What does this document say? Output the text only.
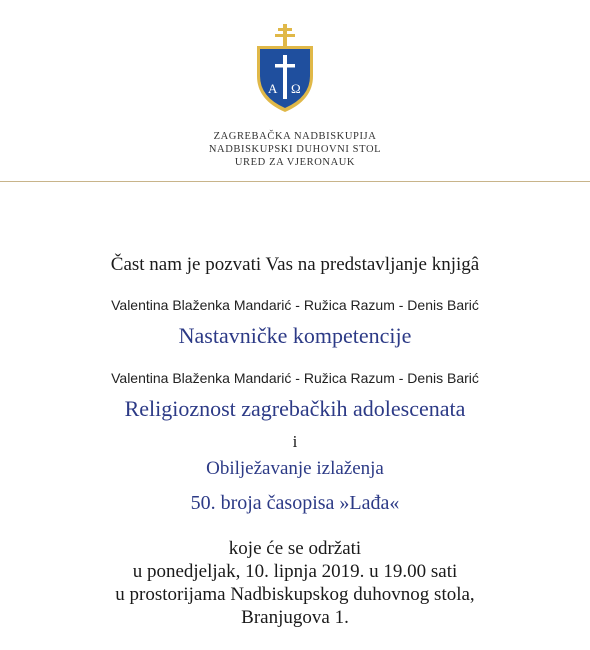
A Ω
ZAGREBAČKA NADBISKUPIJA
NADBISKUPSKI DUHOVNI STOL
URED ZA VJERONAUK
Čast nam je pozvati Vas na predstavljanje knjigâ
Valentina Blaženka Mandarić - Ružica Razum - Denis Barić
Nastavničke kompetencije
Valentina Blaženka Mandarić - Ružica Razum - Denis Barić
Religioznost zagrebačkih adolescenata
i
Obilježavanje izlaženja
50. broja časopisa »Lađa«
koje će se održati
u ponedjeljak, 10. lipnja 2019. u 19.00 sati
u prostorijama Nadbiskupskog duhovnog stola,
Branjugova 1.
